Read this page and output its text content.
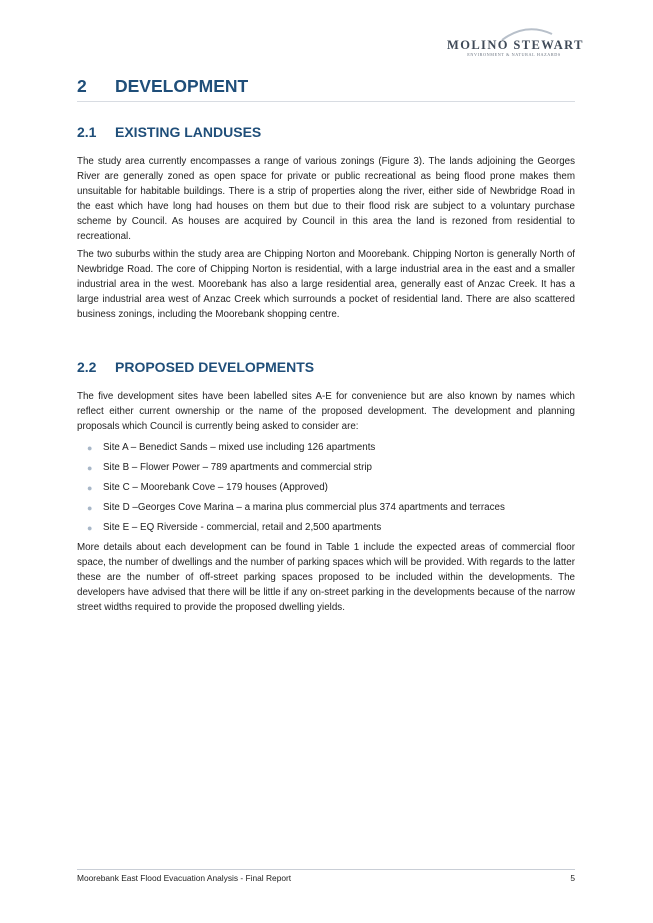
MOLINO STEWART
ENVIRONMENT & NATURAL HAZARDS
2 DEVELOPMENT
2.1 EXISTING LANDUSES

The study area currently encompasses a range of various zonings (Figure 3). The lands adjoining the Georges River are generally zoned as open space for private or public recreational as being flood prone makes them unsuitable for habitable buildings. There is a strip of properties along the river, either side of Newbridge Road in the east which have long had houses on them but due to their flood risk are subject to a voluntary purchase scheme by Council. As houses are acquired by Council in this area the land is rezoned from residential to recreational.

The two suburbs within the study area are Chipping Norton and Moorebank. Chipping Norton is generally North of Newbridge Road. The core of Chipping Norton is residential, with a large industrial area in the east and a smaller industrial area in the west. Moorebank has also a large residential area, generally east of Anzac Creek. It has a large industrial area west of Anzac Creek which surrounds a pocket of residential land. There are also scattered business zonings, including the Moorebank shopping centre.

2.2 PROPOSED DEVELOPMENTS

The five development sites have been labelled sites A-E for convenience but are also known by names which reflect either current ownership or the name of the proposed development. The development and planning proposals which Council is currently being asked to consider are:

● Site A – Benedict Sands – mixed use including 126 apartments
● Site B – Flower Power – 789 apartments and commercial strip
● Site C – Moorebank Cove – 179 houses (Approved)
● Site D –Georges Cove Marina – a marina plus commercial plus 374 apartments and terraces
● Site E – EQ Riverside - commercial, retail and 2,500 apartments

More details about each development can be found in Table 1 include the expected areas of commercial floor space, the number of dwellings and the number of parking spaces which will be provided. With regards to the latter these are the number of off-street parking spaces proposed to be included within the developments. The developers have advised that there will be little if any on-street parking in the developments because of the narrow street widths required to provide the proposed dwelling yields.

Moorebank East Flood Evacuation Analysis - Final Report	5
